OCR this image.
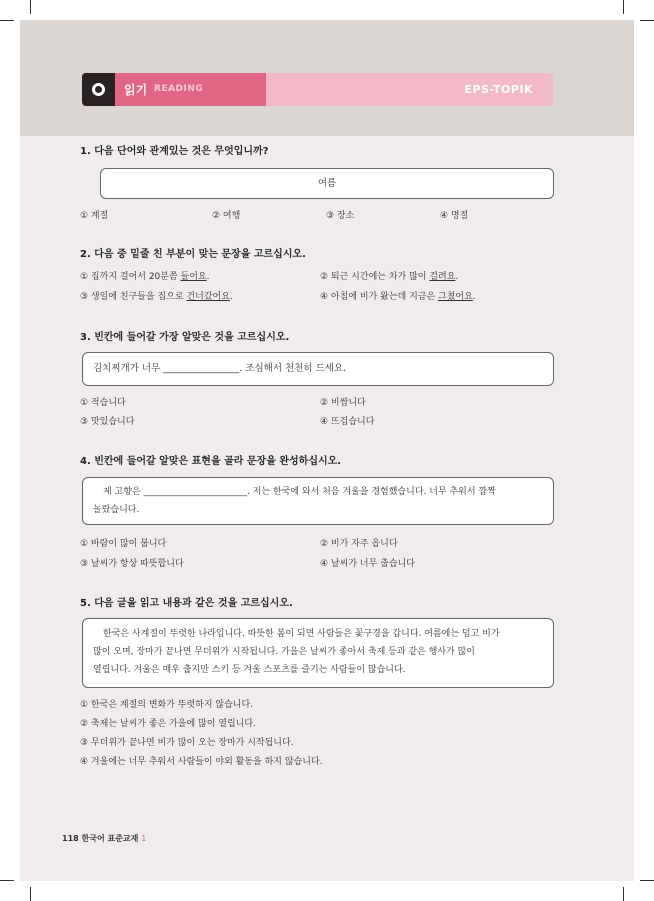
읽기 READING	EPS-TOPIK
1. 다음 단어와 관계있는 것은 무엇입니까?
여름
① 계절	② 여행	③ 장소	④ 명절
2. 다음 중 밑줄 친 부분이 맞는 문장을 고르십시오.
① 집까지 걸어서 20분쯤 들어요.	② 퇴근 시간에는 차가 많이 걸려요.
③ 생일에 친구들을 집으로 건너갔어요.	④ 아침에 비가 왔는데 지금은 그쳤어요.
3. 빈칸에 들어갈 가장 알맞은 것을 고르십시오.
김치찌개가 너무 ________________. 조심해서 천천히 드세요.
① 적습니다	② 비쌉니다
③ 맛있습니다	④ 뜨겁습니다
4. 빈칸에 들어갈 알맞은 표현을 골라 문장을 완성하십시오.
제 고향은 _______________________. 저는 한국에 와서 처음 겨울을 경험했습니다. 너무 추워서 깜짝
놀랐습니다.
① 바람이 많이 붑니다	② 비가 자주 옵니다
③ 날씨가 항상 따뜻합니다	④ 날씨가 너무 춥습니다
5. 다음 글을 읽고 내용과 같은 것을 고르십시오.
한국은 사계절이 뚜렷한 나라입니다. 따뜻한 봄이 되면 사람들은 꽃구경을 갑니다. 여름에는 덥고 비가
많이 오며, 장마가 끝나면 무더위가 시작됩니다. 가을은 날씨가 좋아서 축제 등과 같은 행사가 많이
열립니다. 겨울은 매우 춥지만 스키 등 겨울 스포츠를 즐기는 사람들이 많습니다.
① 한국은 계절의 변화가 뚜렷하지 않습니다.
② 축제는 날씨가 좋은 가을에 많이 열립니다.
③ 무더위가 끝나면 비가 많이 오는 장마가 시작됩니다.
④ 겨울에는 너무 추워서 사람들이 야외 활동을 하지 않습니다.
118 한국어 표준교재 1
